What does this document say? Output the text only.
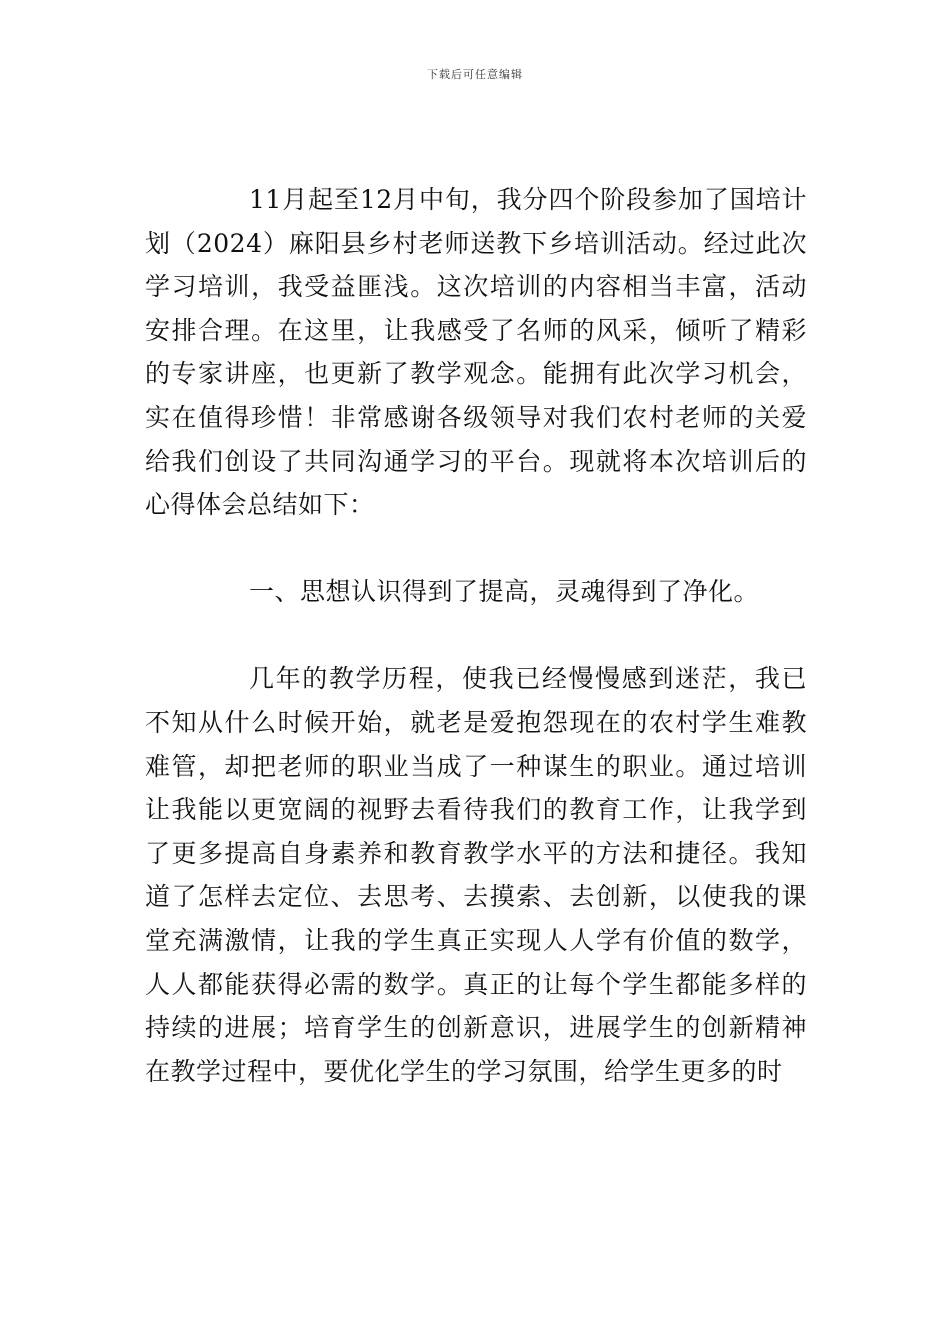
下载后可任意编辑

11月起至12月中旬，我分四个阶段参加了国培计划（2024）麻阳县乡村老师送教下乡培训活动。经过此次学习培训，我受益匪浅。这次培训的内容相当丰富，活动安排合理。在这里，让我感受了名师的风采，倾听了精彩的专家讲座，也更新了教学观念。能拥有此次学习机会，实在值得珍惜！非常感谢各级领导对我们农村老师的关爱给我们创设了共同沟通学习的平台。现就将本次培训后的心得体会总结如下：

一、思想认识得到了提高，灵魂得到了净化。

几年的教学历程，使我已经慢慢感到迷茫，我已不知从什么时候开始，就老是爱抱怨现在的农村学生难教难管，却把老师的职业当成了一种谋生的职业。通过培训让我能以更宽阔的视野去看待我们的教育工作，让我学到了更多提高自身素养和教育教学水平的方法和捷径。我知道了怎样去定位、去思考、去摸索、去创新，以使我的课堂充满激情，让我的学生真正实现人人学有价值的数学，人人都能获得必需的数学。真正的让每个学生都能多样的持续的进展；培育学生的创新意识，进展学生的创新精神在教学过程中，要优化学生的学习氛围，给学生更多的时
